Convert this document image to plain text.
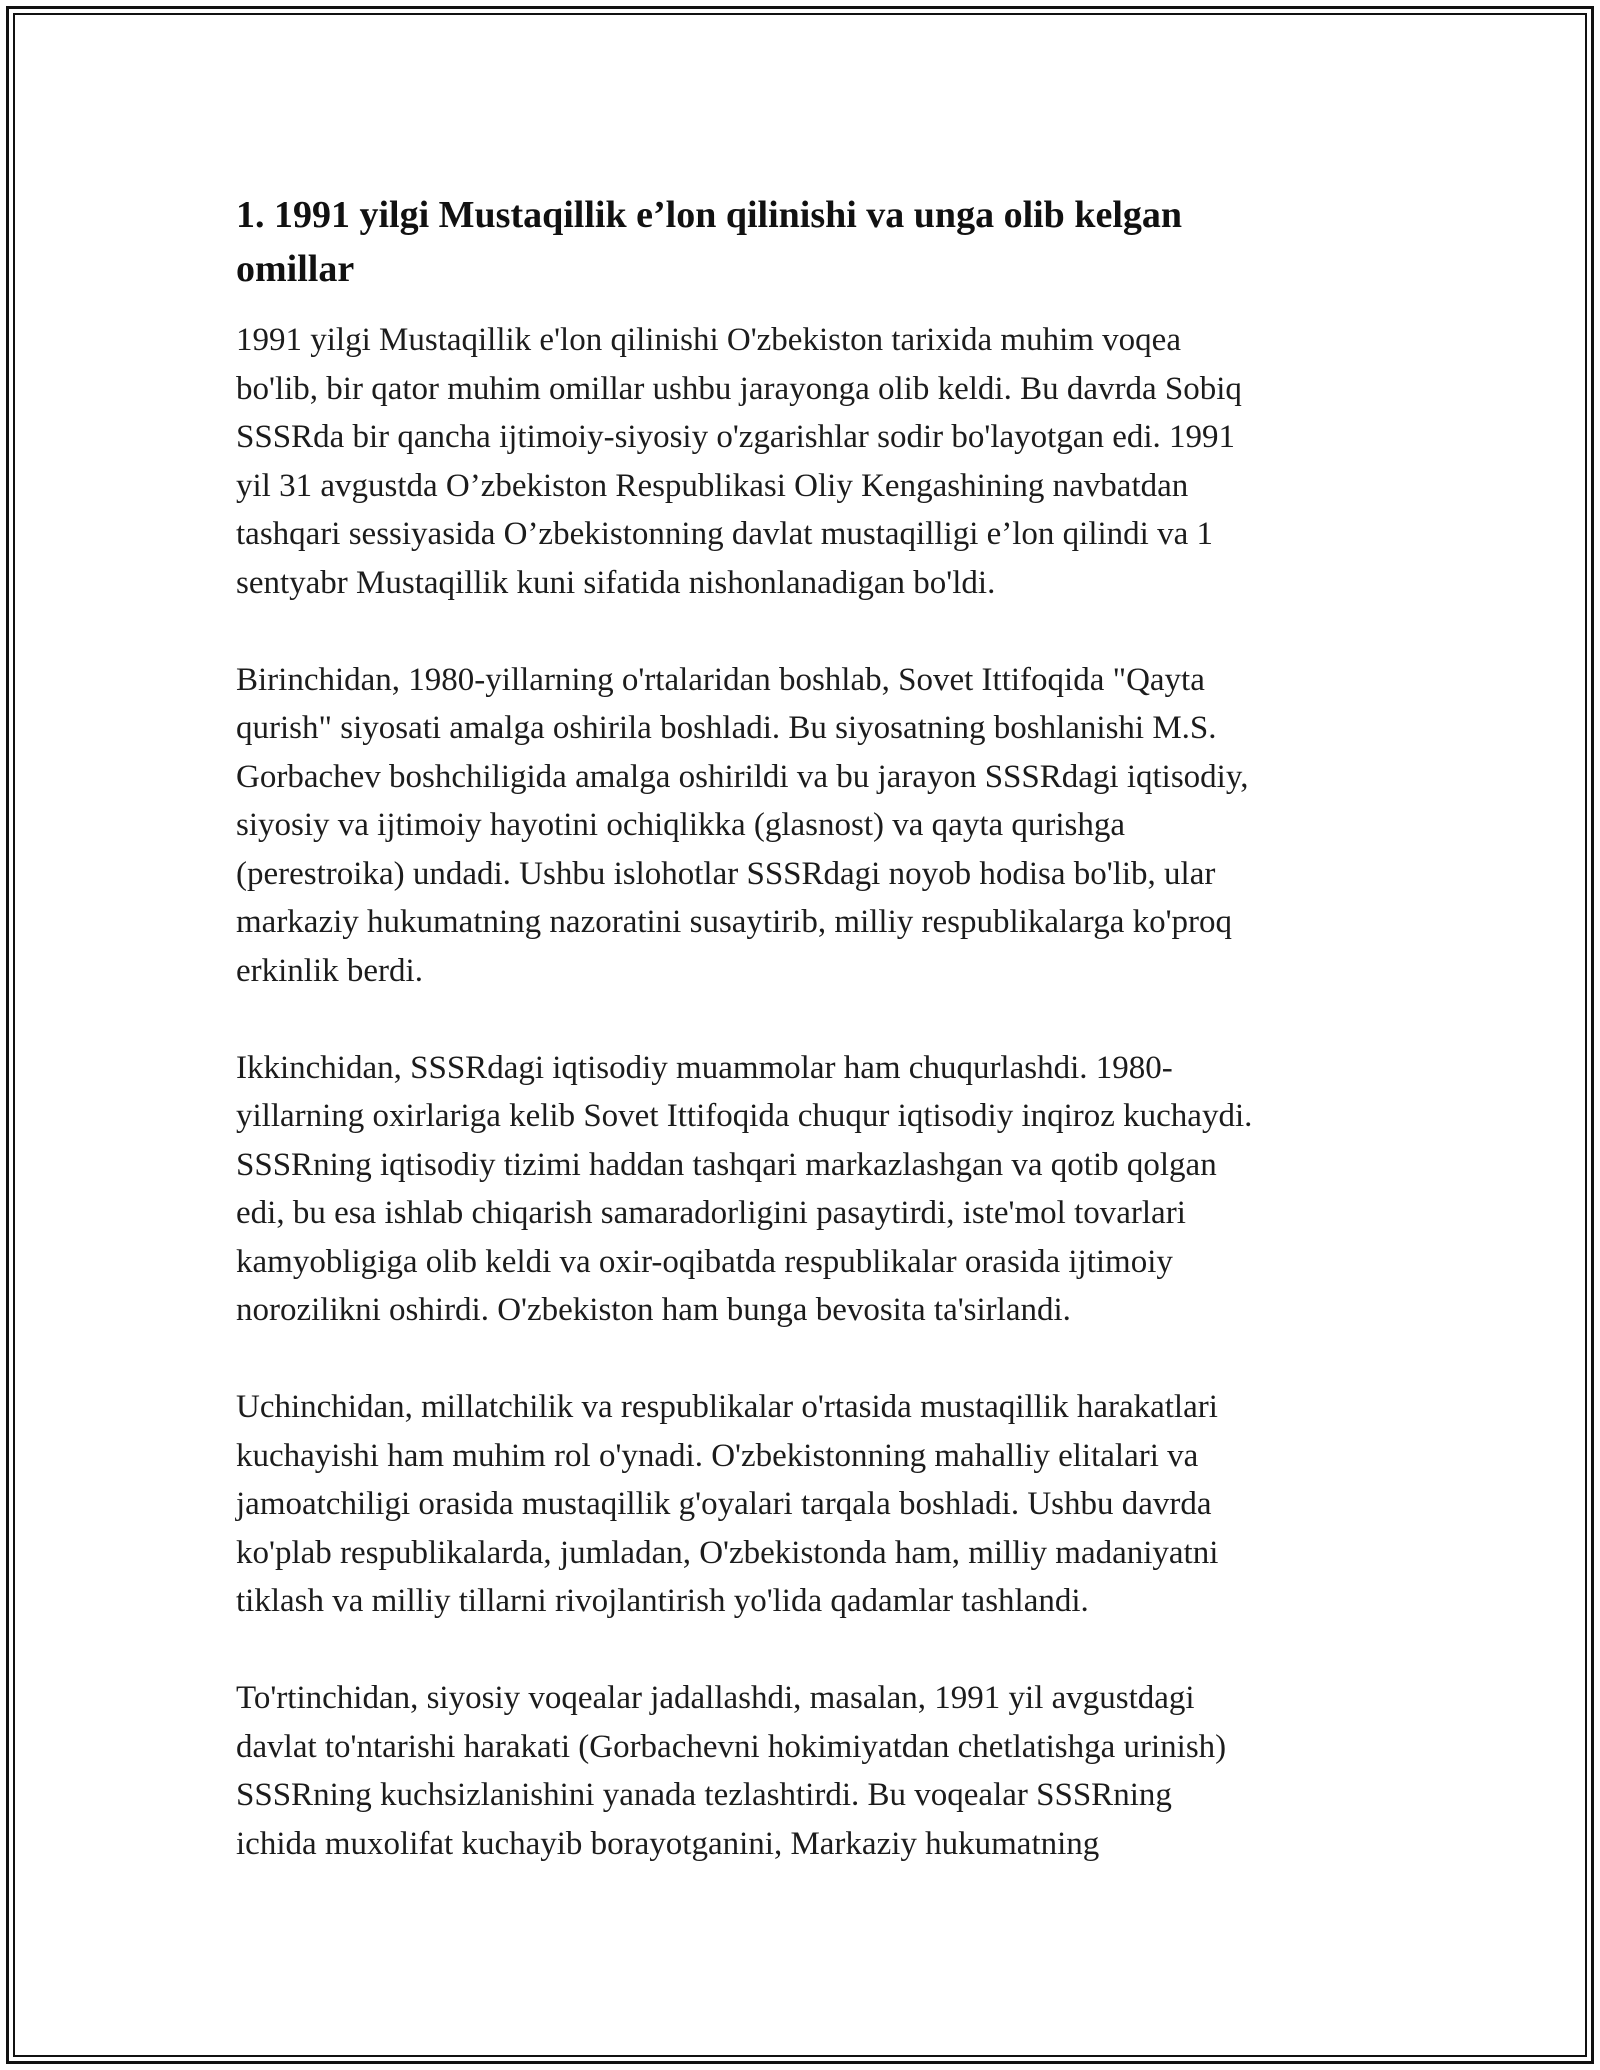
1. 1991 yilgi Mustaqillik e’lon qilinishi va unga olib kelgan
omillar

1991 yilgi Mustaqillik e'lon qilinishi O'zbekiston tarixida muhim voqea
bo'lib, bir qator muhim omillar ushbu jarayonga olib keldi. Bu davrda Sobiq
SSSRda bir qancha ijtimoiy-siyosiy o'zgarishlar sodir bo'layotgan edi. 1991
yil 31 avgustda O’zbekiston Respublikasi Oliy Kengashining navbatdan
tashqari sessiyasida O’zbekistonning davlat mustaqilligi e’lon qilindi va 1
sentyabr Mustaqillik kuni sifatida nishonlanadigan bo'ldi.

Birinchidan, 1980-yillarning o'rtalaridan boshlab, Sovet Ittifoqida "Qayta
qurish" siyosati amalga oshirila boshladi. Bu siyosatning boshlanishi M.S.
Gorbachev boshchiligida amalga oshirildi va bu jarayon SSSRdagi iqtisodiy,
siyosiy va ijtimoiy hayotini ochiqlikka (glasnost) va qayta qurishga
(perestroika) undadi. Ushbu islohotlar SSSRdagi noyob hodisa bo'lib, ular
markaziy hukumatning nazoratini susaytirib, milliy respublikalarga ko'proq
erkinlik berdi.

Ikkinchidan, SSSRdagi iqtisodiy muammolar ham chuqurlashdi. 1980-
yillarning oxirlariga kelib Sovet Ittifoqida chuqur iqtisodiy inqiroz kuchaydi.
SSSRning iqtisodiy tizimi haddan tashqari markazlashgan va qotib qolgan
edi, bu esa ishlab chiqarish samaradorligini pasaytirdi, iste'mol tovarlari
kamyobligiga olib keldi va oxir-oqibatda respublikalar orasida ijtimoiy
norozilikni oshirdi. O'zbekiston ham bunga bevosita ta'sirlandi.

Uchinchidan, millatchilik va respublikalar o'rtasida mustaqillik harakatlari
kuchayishi ham muhim rol o'ynadi. O'zbekistonning mahalliy elitalari va
jamoatchiligi orasida mustaqillik g'oyalari tarqala boshladi. Ushbu davrda
ko'plab respublikalarda, jumladan, O'zbekistonda ham, milliy madaniyatni
tiklash va milliy tillarni rivojlantirish yo'lida qadamlar tashlandi.

To'rtinchidan, siyosiy voqealar jadallashdi, masalan, 1991 yil avgustdagi
davlat to'ntarishi harakati (Gorbachevni hokimiyatdan chetlatishga urinish)
SSSRning kuchsizlanishini yanada tezlashtirdi. Bu voqealar SSSRning
ichida muxolifat kuchayib borayotganini, Markaziy hukumatning
